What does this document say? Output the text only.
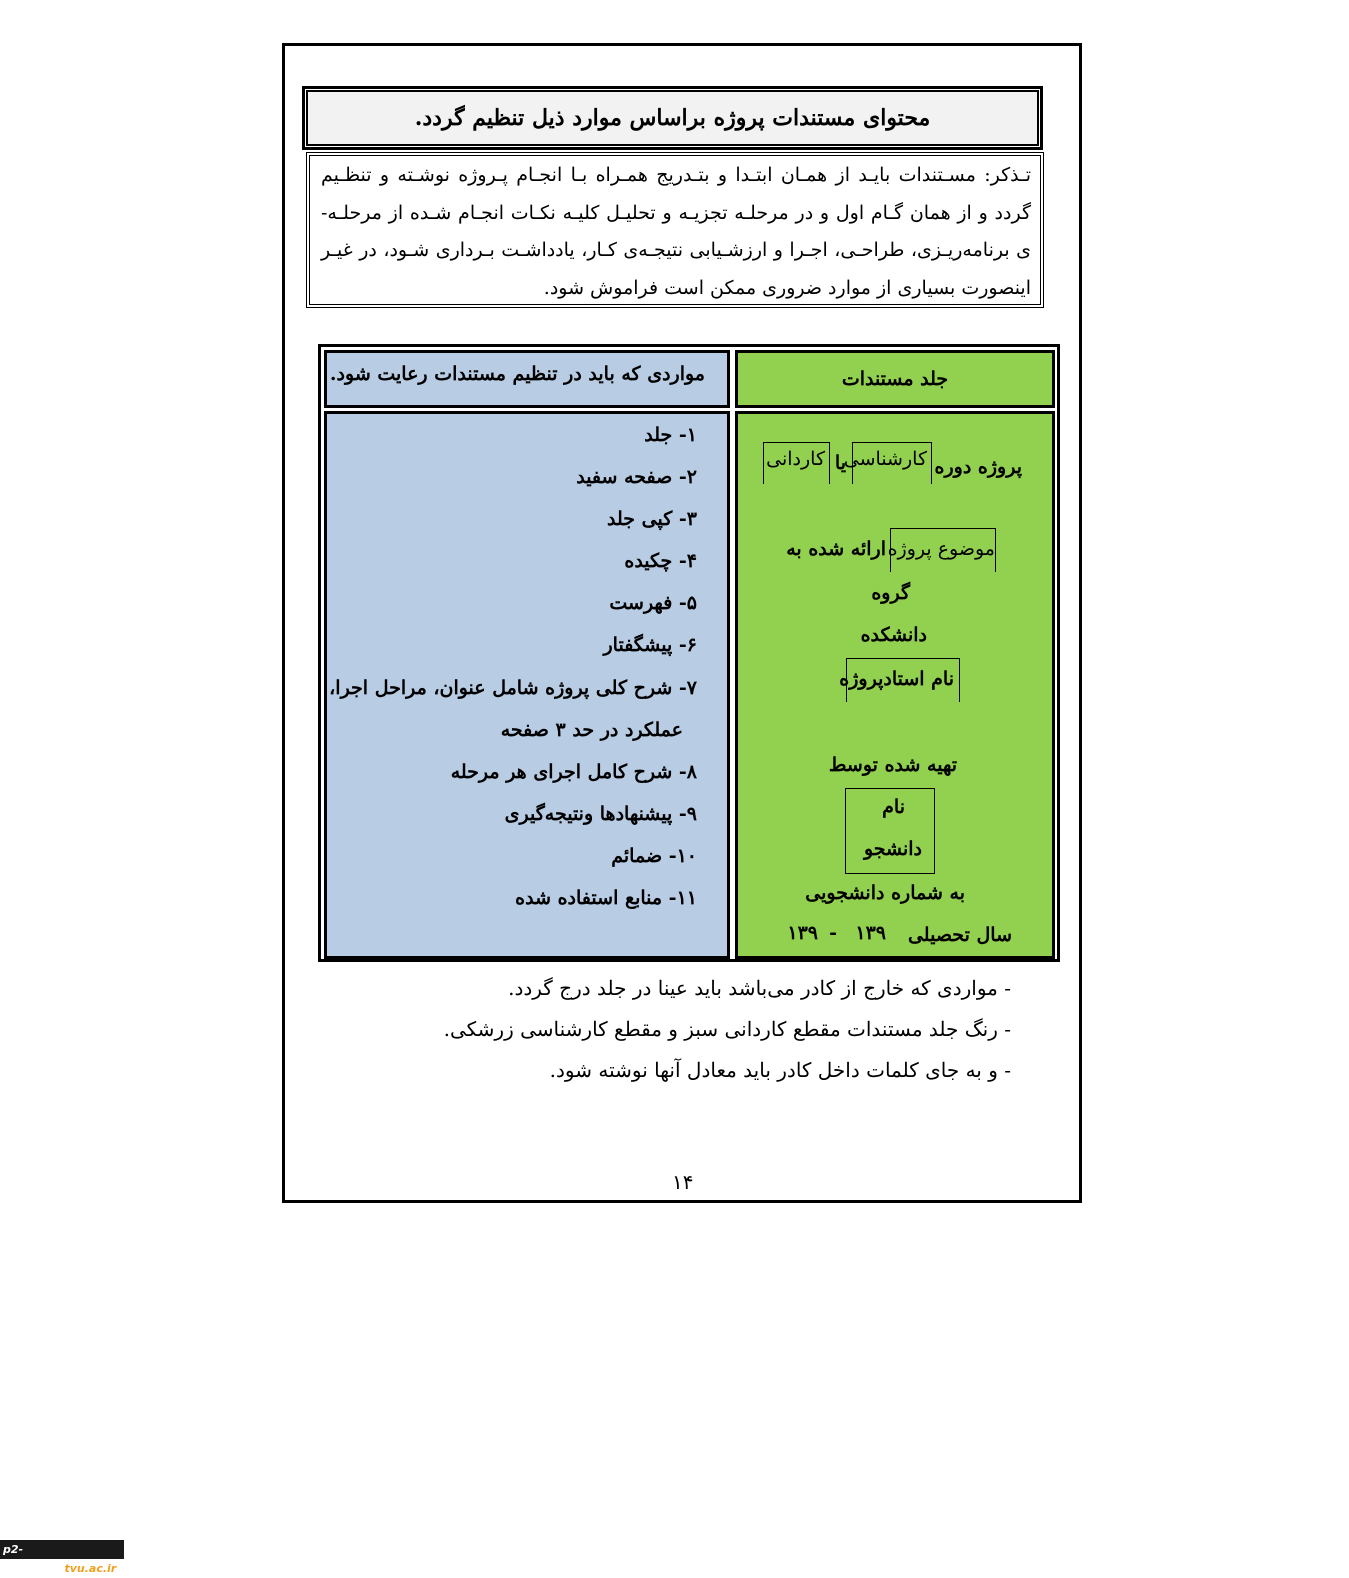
محتوای مستندات پروژه براساس موارد ذیل تنظیم گردد.

تـذکر: مسـتندات بایـد از همـان ابتـدا و بتـدریج همـراه بـا انجـام پـروژه نوشـته و تنظـیم گردد و از همان گـام اول و در مرحلـه تجزیـه و تحلیـل کلیـه نکـات انجـام شـده از مرحلـه-ی برنامه‌ریـزی، طراحـی، اجـرا و ارزشـیابی نتیجـه‌ی کـار، یادداشـت بـرداری شـود، در غیـر اینصورت بسیاری از موارد ضروری ممکن است فراموش شود.

جلد مستندات
مواردی که باید در تنظیم مستندات رعایت شود.
۱- جلد
۲- صفحه سفید
۳- کپی جلد
۴- چکیده
۵- فهرست
۶- پیشگفتار
۷- شرح کلی پروژه شامل عنوان، مراحل اجرا،
عملکرد در حد ۳ صفحه
۸- شرح کامل اجرای هر مرحله
۹- پیشنهادها ونتیجه‌گیری
۱۰- ضمائم
۱۱- منابع استفاده شده
پروژه دوره
کارشناسی
یا
کاردانی
موضوع پروژه
ارائه شده به
گروه
دانشکده
نام استادپروژه
تهیه شده توسط
نام
دانشجو
به شماره دانشجویی
سال تحصیلی
۱۳۹
-
۱۳۹
- مواردی که خارج از کادر می‌باشد باید عینا در جلد درج گردد.
- رنگ جلد مستندات مقطع کاردانی سبز و مقطع کارشناسی زرشکی.
- و به جای کلمات داخل کادر باید معادل آنها نوشته شود.
۱۴
p2-hamedan.tvu.ac.ir
